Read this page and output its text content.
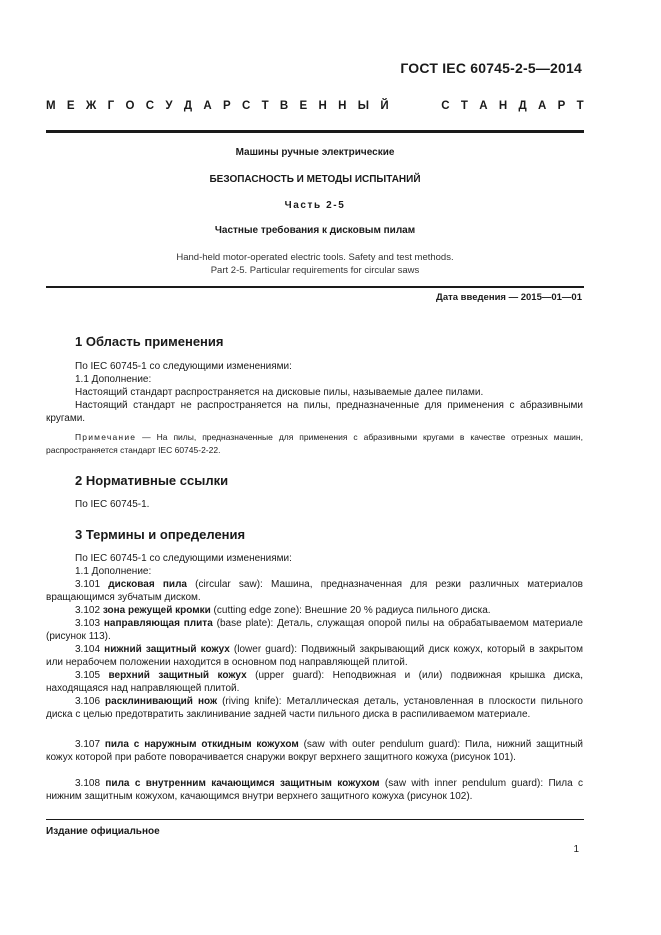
ГОСТ IEC 60745-2-5—2014
М Е Ж Г О С У Д А Р С Т В Е Н Н Ы Й	С Т А Н Д А Р Т
Машины ручные электрические
БЕЗОПАСНОСТЬ И МЕТОДЫ ИСПЫТАНИЙ
Часть 2-5
Частные требования к дисковым пилам
Hand-held motor-operated electric tools. Safety and test methods.
Part 2-5. Particular requirements for circular saws
Дата введения — 2015—01—01
1 Область применения
По IEC 60745-1 со следующими изменениями:
1.1 Дополнение:
Настоящий стандарт распространяется на дисковые пилы, называемые далее пилами.
Настоящий стандарт не распространяется на пилы, предназначенные для применения с абразивными кругами.
Примечание — На пилы, предназначенные для применения с абразивными кругами в качестве отрезных машин, распространяется стандарт IEC 60745-2-22.
2 Нормативные ссылки
По IEC 60745-1.
3 Термины и определения
По IEC 60745-1 со следующими изменениями:
1.1 Дополнение:
3.101 дисковая пила (circular saw): Машина, предназначенная для резки различных материалов вращающимся зубчатым диском.
3.102 зона режущей кромки (cutting edge zone): Внешние 20 % радиуса пильного диска.
3.103 направляющая плита (base plate): Деталь, служащая опорой пилы на обрабатываемом материале (рисунок 113).
3.104 нижний защитный кожух (lower guard): Подвижный закрывающий диск кожух, который в закрытом или нерабочем положении находится в основном под направляющей плитой.
3.105 верхний защитный кожух (upper guard): Неподвижная и (или) подвижная крышка диска, находящаяся над направляющей плитой.
3.106 расклинивающий нож (riving knife): Металлическая деталь, установленная в плоскости пильного диска с целью предотвратить заклинивание задней части пильного диска в распиливаемом материале.
3.107 пила с наружным откидным кожухом (saw with outer pendulum guard): Пила, нижний защитный кожух которой при работе поворачивается снаружи вокруг верхнего защитного кожуха (рисунок 101).
3.108 пила с внутренним качающимся защитным кожухом (saw with inner pendulum guard): Пила с нижним защитным кожухом, качающимся внутри верхнего защитного кожуха (рисунок 102).
Издание официальное
1
